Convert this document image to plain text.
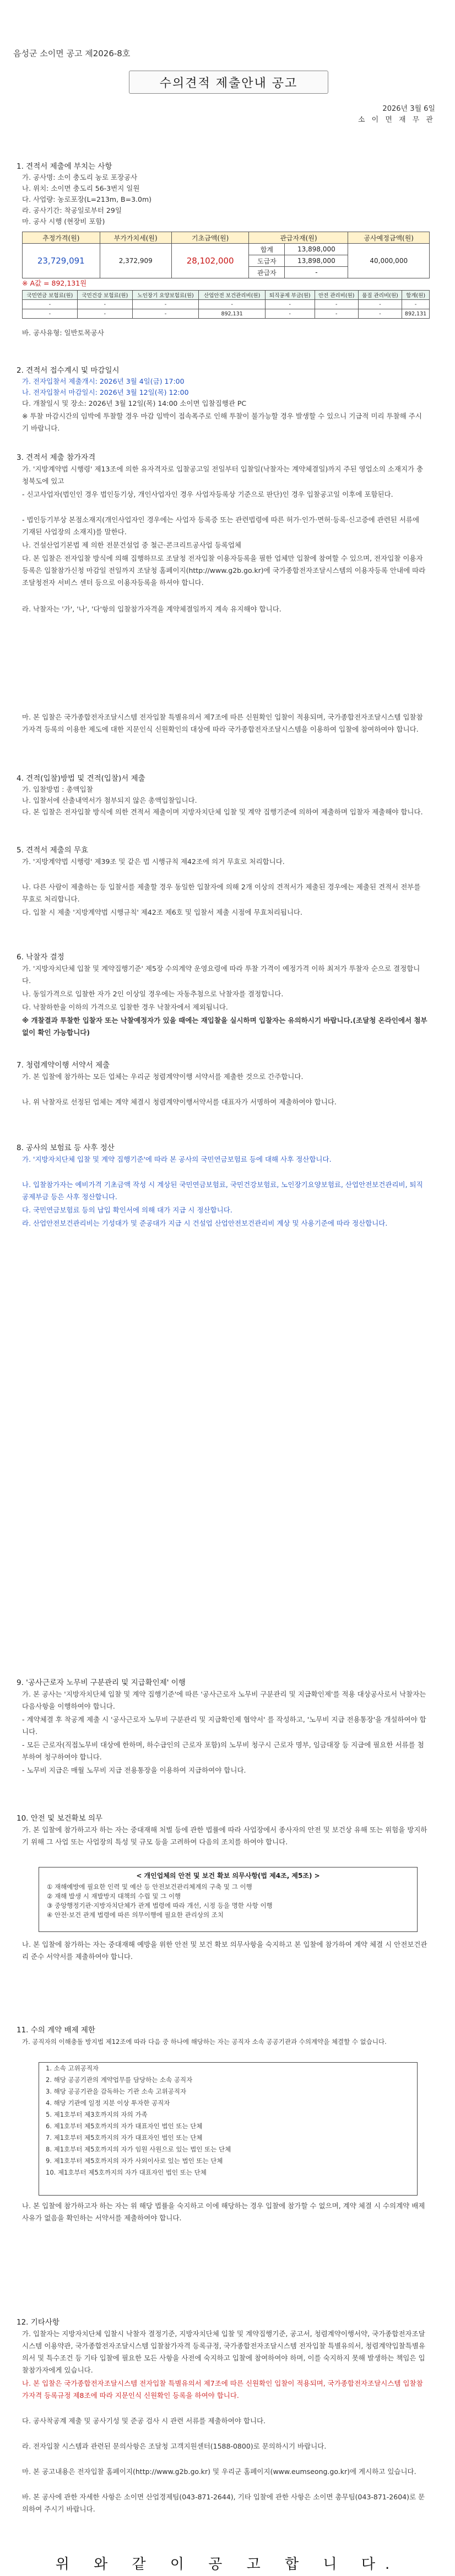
음성군 소이면 공고 제2026-8호
수의견적 제출안내 공고
2026년 3월 6일
소 이 면 재 무 관
1. 견적서 제출에 부치는 사항
가. 공사명: 소이 충도리 농로 포장공사
나. 위치: 소이면 충도리 56-3번지 일원
다. 사업량: 농로포장(L=213m, B=3.0m)
라. 공사기간: 착공일로부터 29일
마. 공사 시행 (현장비 포함)
추정가격(원)	부가가치세(원)	기초금액(원)	관급자재(원)		공사예정금액(원)
23,729,091	2,372,909	28,102,000	합계	13,898,000	40,000,000
			도급자	13,898,000	
			관급자	-	
※ A값 = 892,131원
국민연금 보험료(원)	국민건강 보험료(원)	노인장기 요양보험료(원)	산업안전 보건관리비(원)	퇴직공제 부금(원)	안전 관리비(원)	품질 관리비(원)	합계(원)
-	-	-	-	-	-	-	-
-	-	-	892,131	-	-	-	892,131
바. 공사유형: 일반토목공사
2. 견적서 접수계시 및 마감일시
가. 전자입찰서 제출개시: 2026년 3월 4일(금) 17:00
나. 전자입찰서 마감일시: 2026년 3월 12일(목) 12:00
다. 개찰일시 및 장소: 2026년 3월 12일(목) 14:00 소이면 입찰집행관 PC
※ 투찰 마감시간의 임박에 투찰할 경우 마감 임박이 접속폭주로 인해 투찰이 불가능할 경우 발생할 수 있으니 기급적 미리 투찰해 주시기 바랍니다.
3. 견적서 제출 참가자격
가. '지방계약법 시행령' 제13조에 의한 유자격자로 입찰공고일 전일부터 입찰일(낙찰자는 계약체결일)까지 주된 영업소의 소재지가 충청북도에 있고
- 신고사업자(법인인 경우 법인등기상, 개인사업자인 경우 사업자등록상 기준으로 판단)인 경우 입찰공고일 이후에 포함된다.
- 법인등기부상 본점소재지(개인사업자인 경우에는 사업자 등록증 또는 관련법령에 따른 허가·인가·면허·등록·신고증에 관련된 서류에 기재된 사업장의 소재지)를 말한다.
나. 건설산업기본법 제 의한 전문건설업 중 철근·콘크리트공사업 등록업체
다. 본 입찰은 전자입찰 방식에 의해 집행하므로 조달청 전자입찰 이용자등록을 필한 업체만 입찰에 참여할 수 있으며, 전자입찰 이용자등록은 입찰참가신청 마감일 전일까지 조달청 홈페이지(http://www.g2b.go.kr)에 국가종합전자조달시스템의 이용자등록 안내에 따라 조달청전자 서비스 센터 등으로 이용자등록을 하셔야 합니다.
라. 낙찰자는 '가', '나', '다'항의 입찰참가자격을 계약체결일까지 계속 유지해야 합니다.
마. 본 입찰은 국가종합전자조달시스템 전자입찰 특별유의서 제7조에 따른 신원확인 입찰이 적용되며, 국가종합전자조달시스템 입찰참가자격 등록의 이용한 제도에 대한 지문인식 신원확인의 대상에 따라 국가종합전자조달시스템을 이용하여 입찰에 참여하여야 합니다.
4. 견적(입찰)방법 및 견적(입찰)서 제출
가. 입찰방법 : 총액입찰
나. 입찰서에 산출내역서가 첨부되지 않은 총액입찰입니다.
다. 본 입찰은 전자입찰 방식에 의한 견적서 제출이며 지방자치단체 입찰 및 계약 집행기준에 의하여 제출하며 입찰자 제출해야 합니다.
5. 견적서 제출의 무효
가. '지방계약법 시행령' 제39조 및 같은 법 시행규칙 제42조에 의거 무효로 처리합니다.
나. 다른 사람이 제출하는 등 입찰서를 제출할 경우 동일한 입찰자에 의해 2개 이상의 견적서가 제출된 경우에는 제출된 견적서 전부를 무효로 처리합니다.
다. 입찰 시 제출 '지방계약법 시행규칙' 제42조 제6호 및 입찰서 제출 시점에 무효처리됩니다.
6. 낙찰자 결정
가. '지방자치단체 입찰 및 계약집행기준' 제5장 수의계약 운영요령에 따라 투찰 가격이 예정가격 이하 최저가 투찰자 순으로 결정합니다.
나. 동일가격으로 입찰한 자가 2인 이상일 경우에는 자동추첨으로 낙찰자를 결정합니다.
다. 낙찰하한율 이하의 가격으로 입찰한 경우 낙찰자에서 제외됩니다.
※ 개찰결과 투찰한 입찰자 또는 낙찰예정자가 있을 때에는 재입찰을 실시하며 입찰자는 유의하시기 바랍니다.(조달청 온라인에서 첨부 없이 확인 가능합니다)
7. 청렴계약이행 서약서 제출
가. 본 입찰에 참가하는 모든 업체는 우리군 청렴계약이행 서약서를 제출한 것으로 간주합니다.
나. 위 낙찰자로 선정된 업체는 계약 체결시 청렴계약이행서약서를 대표자가 서명하여 제출하여야 합니다.
8. 공사의 보험료 등 사후 정산
가. '지방자치단체 입찰 및 계약 집행기준'에 따라 본 공사의 국민연금보험료 등에 대해 사후 정산합니다.
나. 입찰참가자는 예비가격 기초금액 작성 시 계상된 국민연금보험료, 국민건강보험료, 노인장기요양보험료, 산업안전보건관리비, 퇴직공제부금 등은 사후 정산합니다.
다. 국민연금보험료 등의 납입 확인서에 의해 대가 지급 시 정산합니다.
라. 산업안전보건관리비는 기성대가 및 준공대가 지급 시 건설업 산업안전보건관리비 계상 및 사용기준에 따라 정산합니다.
9. '공사근로자 노무비 구분관리 및 지급확인제' 이행
가. 본 공사는 '지방자치단체 입찰 및 계약 집행기준'에 따른 '공사근로자 노무비 구분관리 및 지급확인제'를 적용 대상공사로서 낙찰자는 다음사항을 이행하여야 합니다.
- 계약체결 후 착공계 제출 시 '공사근로자 노무비 구분관리 및 지급확인제 협약서' 를 작성하고, '노무비 지급 전용통장'을 개설하여야 합니다.
- 모든 근로자(직접노무비 대상에 한하며, 하수급인의 근로자 포함)의 노무비 청구시 근로자 명부, 임금대장 등 지급에 필요한 서류를 첨부하여 청구하여야 합니다.
- 노무비 지급은 매월 노무비 지급 전용통장을 이용하여 지급하여야 합니다.
10. 안전 및 보건확보 의무
가. 본 입찰에 참가하고자 하는 자는 중대재해 처벌 등에 관한 법률에 따라 사업장에서 종사자의 안전 및 보건상 유해 또는 위험을 방지하기 위해 그 사업 또는 사업장의 특성 및 규모 등을 고려하여 다음의 조치를 하여야 합니다.
< 개인업체의 안전 및 보건 확보 의무사항(법 제4조, 제5조) >
① 재해예방에 필요한 인력 및 예산 등 안전보건관리체계의 구축 및 그 이행
② 재해 발생 시 재발방지 대책의 수립 및 그 이행
③ 중앙행정기관·지방자치단체가 관계 법령에 따라 개선, 시정 등을 명한 사항 이행
④ 안전·보건 관계 법령에 따른 의무이행에 필요한 관리상의 조치
나. 본 입찰에 참가하는 자는 중대재해 예방을 위한 안전 및 보건 확보 의무사항을 숙지하고 본 입찰에 참가하여 계약 체결 시 안전보건관리 준수 서약서를 제출하여야 합니다.
11. 수의 계약 배제 제한
가. 공직자의 이해충돌 방지법 제12조에 따라 다음 중 하나에 해당하는 자는 공직자 소속 공공기관과 수의계약을 체결할 수 없습니다.
1. 소속 고위공직자
2. 해당 공공기관의 계약업무를 담당하는 소속 공직자
3. 해당 공공기관을 감독하는 기관 소속 고위공직자
4. 해당 기관에 일정 지분 이상 투자한 공직자
5. 제1호부터 제3호까지의 자의 가족
6. 제1호부터 제5호까지의 자가 대표자인 법인 또는 단체
7. 제1호부터 제5호까지의 자가 대표자인 법인 또는 단체
8. 제1호부터 제5호까지의 자가 임원 사원으로 있는 법인 또는 단체
9. 제1호부터 제5호까지의 자가 사외이사로 있는 법인 또는 단체
10. 제1호부터 제5호까지의 자가 대표자인 법인 또는 단체
나. 본 입찰에 참가하고자 하는 자는 위 해당 법률을 숙지하고 이에 해당하는 경우 입찰에 참가할 수 없으며, 계약 체결 시 수의계약 배제 사유가 없음을 확인하는 서약서를 제출하여야 합니다.
12. 기타사항
가. 입찰자는 지방자치단체 입찰시 낙찰자 결정기준, 지방자치단체 입찰 및 계약집행기준, 공고서, 청렴계약이행서약, 국가종합전자조달시스템 이용약관, 국가종합전자조달시스템 입찰참가자격 등록규정, 국가종합전자조달시스템 전자입찰 특별유의서, 청렴계약입찰특별유의서 및 특수조건 등 기타 입찰에 필요한 모든 사항을 사전에 숙지하고 입찰에 참여하여야 하며, 이를 숙지하지 못해 발생하는 책임은 입찰참가자에게 있습니다.
나. 본 입찰은 국가종합전자조달시스템 전자입찰 특별유의서 제7조에 따른 신원확인 입찰이 적용되며, 국가종합전자조달시스템 입찰참가자격 등록규정 제8조에 따라 지문인식 신원확인 등록을 하여야 합니다.
다. 공사착공계 제출 및 공사기성 및 준공 검사 시 관련 서류를 제출하여야 합니다.
라. 전자입찰 시스템과 관련된 문의사항은 조달청 고객지원센터(1588-0800)로 문의하시기 바랍니다.
마. 본 공고내용은 전자입찰 홈페이지(http://www.g2b.go.kr) 및 우리군 홈페이지(www.eumseong.go.kr)에 게시하고 있습니다.
바. 본 공사에 관한 자세한 사항은 소이면 산업경제팀(043-871-2644), 기타 입찰에 관한 사항은 소이면 총무팀(043-871-2604)로 문의하여 주시기 바랍니다.
위 와 같 이 공 고 합 니 다.
